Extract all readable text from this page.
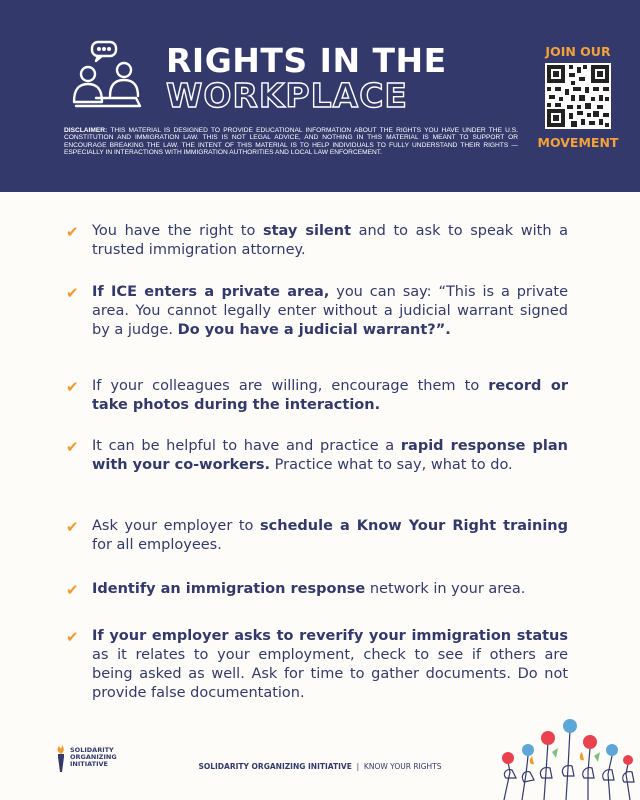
RIGHTS IN THE
WORKPLACE
JOIN OUR
MOVEMENT
DISCLAIMER: THIS MATERIAL IS DESIGNED TO PROVIDE EDUCATIONAL INFORMATION ABOUT THE RIGHTS YOU HAVE UNDER THE U.S. CONSTITUTION AND IMMIGRATION LAW. THIS IS NOT LEGAL ADVICE, AND NOTHING IN THIS MATERIAL IS MEANT TO SUPPORT OR ENCOURAGE BREAKING THE LAW. THE INTENT OF THIS MATERIAL IS TO HELP INDIVIDUALS TO FULLY UNDERSTAND THEIR RIGHTS — ESPECIALLY IN INTERACTIONS WITH IMMIGRATION AUTHORITIES AND LOCAL LAW ENFORCEMENT.
✔ You have the right to stay silent and to ask to speak with a trusted immigration attorney.
✔ If ICE enters a private area, you can say: “This is a private area. You cannot legally enter without a judicial warrant signed by a judge. Do you have a judicial warrant?”.
✔ If your colleagues are willing, encourage them to record or take photos during the interaction.
✔ It can be helpful to have and practice a rapid response plan with your co-workers. Practice what to say, what to do.
✔ Ask your employer to schedule a Know Your Right training for all employees.
✔ Identify an immigration response network in your area.
✔ If your employer asks to reverify your immigration status as it relates to your employment, check to see if others are being asked as well. Ask for time to gather documents. Do not provide false documentation.
SOLIDARITY
ORGANIZING
INITIATIVE	SOLIDARITY ORGANIZING INITIATIVE | KNOW YOUR RIGHTS
